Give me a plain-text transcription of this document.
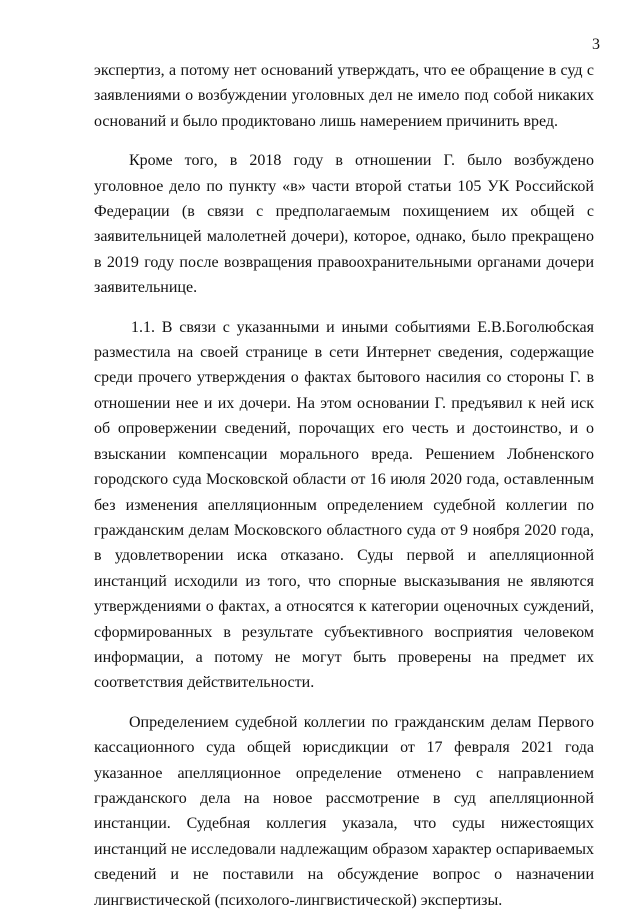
3

экспертиз, а потому нет оснований утверждать, что ее обращение в суд с заявлениями о возбуждении уголовных дел не имело под собой никаких оснований и было продиктовано лишь намерением причинить вред.

Кроме того, в 2018 году в отношении Г. было возбуждено уголовное дело по пункту «в» части второй статьи 105 УК Российской Федерации (в связи с предполагаемым похищением их общей с заявительницей малолетней дочери), которое, однако, было прекращено в 2019 году после возвращения правоохранительными органами дочери заявительнице.

1.1. В связи с указанными и иными событиями Е.В.Боголюбская разместила на своей странице в сети Интернет сведения, содержащие среди прочего утверждения о фактах бытового насилия со стороны Г. в отношении нее и их дочери. На этом основании Г. предъявил к ней иск об опровержении сведений, порочащих его честь и достоинство, и о взыскании компенсации морального вреда. Решением Лобненского городского суда Московской области от 16 июля 2020 года, оставленным без изменения апелляционным определением судебной коллегии по гражданским делам Московского областного суда от 9 ноября 2020 года, в удовлетворении иска отказано. Суды первой и апелляционной инстанций исходили из того, что спорные высказывания не являются утверждениями о фактах, а относятся к категории оценочных суждений, сформированных в результате субъективного восприятия человеком информации, а потому не могут быть проверены на предмет их соответствия действительности.

Определением судебной коллегии по гражданским делам Первого кассационного суда общей юрисдикции от 17 февраля 2021 года указанное апелляционное определение отменено с направлением гражданского дела на новое рассмотрение в суд апелляционной инстанции. Судебная коллегия указала, что суды нижестоящих инстанций не исследовали надлежащим образом характер оспариваемых сведений и не поставили на обсуждение вопрос о назначении лингвистической (психолого-лингвистической) экспертизы.
